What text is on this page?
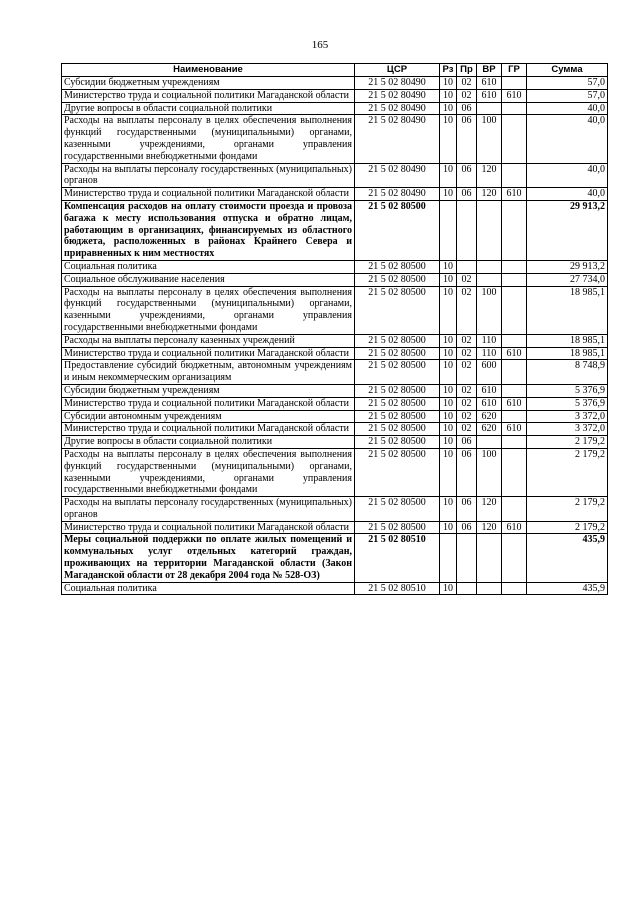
165
Наименование	ЦСР	Рз	Пр	ВР	ГР	Сумма
Субсидии бюджетным учреждениям	21 5 02 80490	10	02	610		57,0
Министерство труда и социальной политики Магаданской области	21 5 02 80490	10	02	610	610	57,0
Другие вопросы в области социальной политики	21 5 02 80490	10	06			40,0
Расходы на выплаты персоналу в целях обеспечения выполнения функций государственными (муниципальными) органами, казенными учреждениями, органами управления государственными внебюджетными фондами	21 5 02 80490	10	06	100		40,0
Расходы на выплаты персоналу государственных (муниципальных) органов	21 5 02 80490	10	06	120		40,0
Министерство труда и социальной политики Магаданской области	21 5 02 80490	10	06	120	610	40,0
Компенсация расходов на оплату стоимости проезда и провоза багажа к месту использования отпуска и обратно лицам, работающим в организациях, финансируемых из областного бюджета, расположенных в районах Крайнего Севера и приравненных к ним местностях	21 5 02 80500					29 913,2
Социальная политика	21 5 02 80500	10				29 913,2
Социальное обслуживание населения	21 5 02 80500	10	02			27 734,0
Расходы на выплаты персоналу в целях обеспечения выполнения функций государственными (муниципальными) органами, казенными учреждениями, органами управления государственными внебюджетными фондами	21 5 02 80500	10	02	100		18 985,1
Расходы на выплаты персоналу казенных учреждений	21 5 02 80500	10	02	110		18 985,1
Министерство труда и социальной политики Магаданской области	21 5 02 80500	10	02	110	610	18 985,1
Предоставление субсидий бюджетным, автономным учреждениям и иным некоммерческим организациям	21 5 02 80500	10	02	600		8 748,9
Субсидии бюджетным учреждениям	21 5 02 80500	10	02	610		5 376,9
Министерство труда и социальной политики Магаданской области	21 5 02 80500	10	02	610	610	5 376,9
Субсидии автономным учреждениям	21 5 02 80500	10	02	620		3 372,0
Министерство труда и социальной политики Магаданской области	21 5 02 80500	10	02	620	610	3 372,0
Другие вопросы в области социальной политики	21 5 02 80500	10	06			2 179,2
Расходы на выплаты персоналу в целях обеспечения выполнения функций государственными (муниципальными) органами, казенными учреждениями, органами управления государственными внебюджетными фондами	21 5 02 80500	10	06	100		2 179,2
Расходы на выплаты персоналу государственных (муниципальных) органов	21 5 02 80500	10	06	120		2 179,2
Министерство труда и социальной политики Магаданской области	21 5 02 80500	10	06	120	610	2 179,2
Меры социальной поддержки по оплате жилых помещений и коммунальных услуг отдельных категорий граждан, проживающих на территории Магаданской области (Закон Магаданской области от 28 декабря 2004 года № 528-ОЗ)	21 5 02 80510					435,9
Социальная политика	21 5 02 80510	10				435,9
